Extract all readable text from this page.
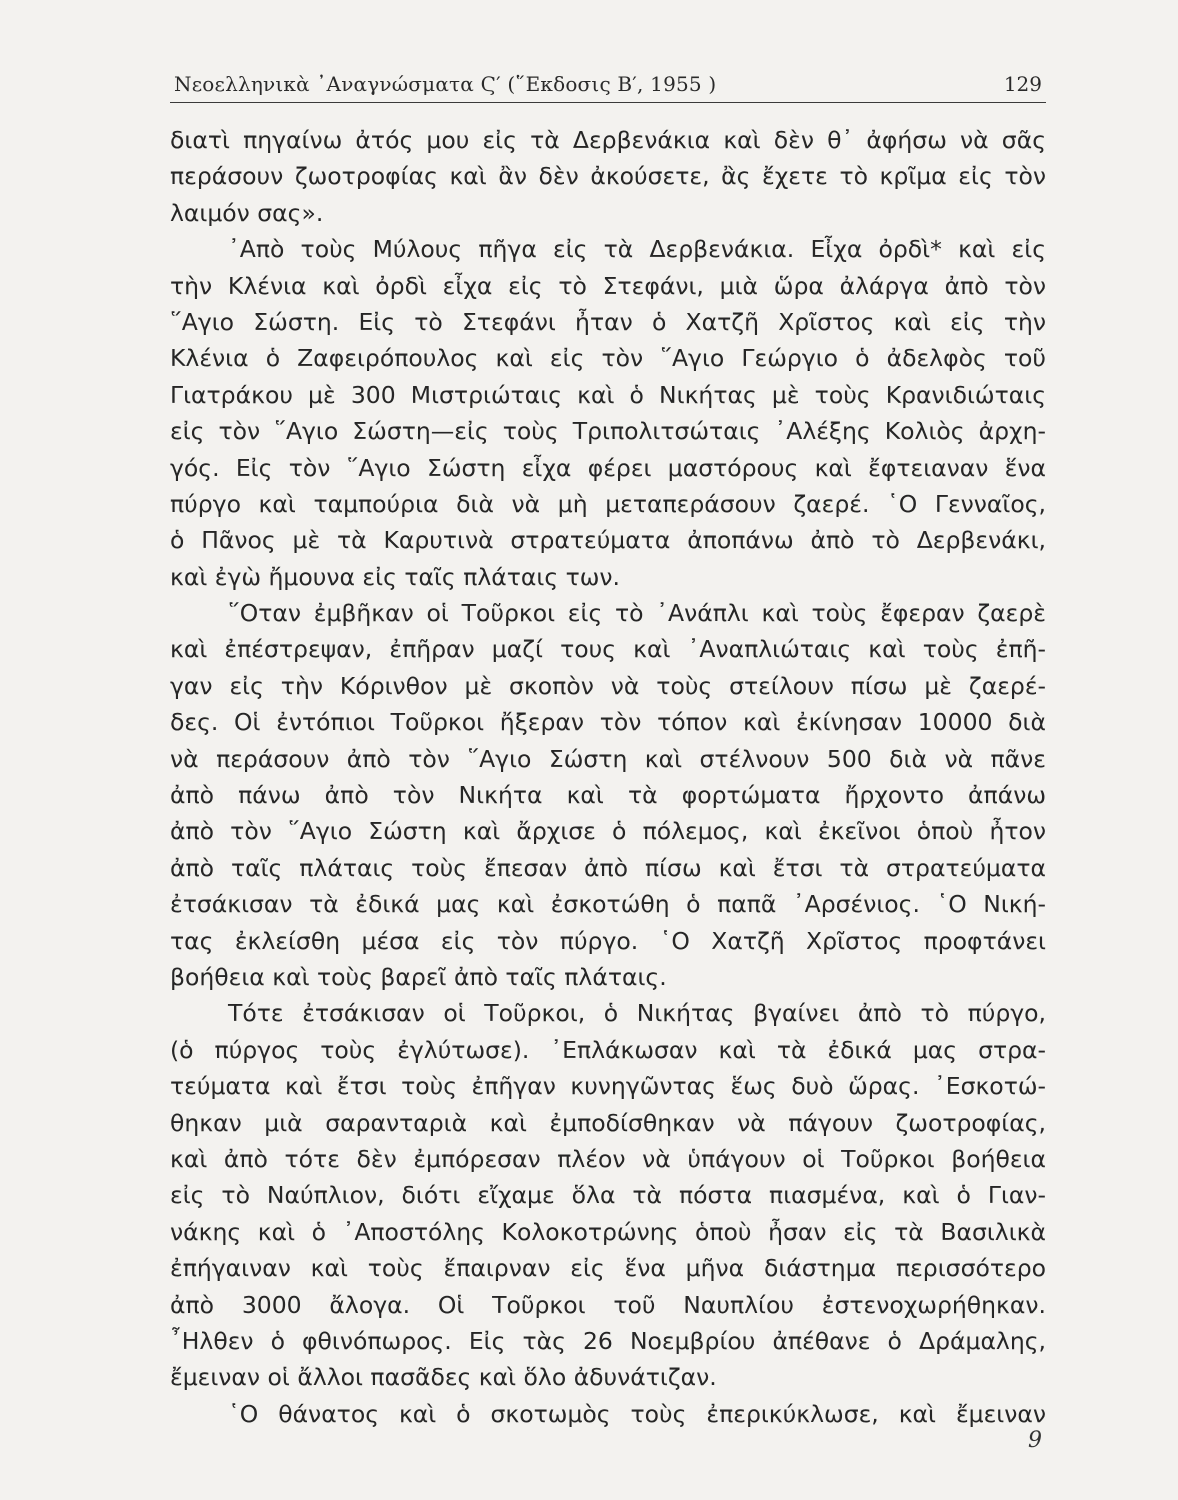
Νεοελληνικὰ ᾿Αναγνώσματα Ϛ′ (῞Εκδοσις Β′, 1955 )	129
διατὶ πηγαίνω ἀτός μου εἰς τὰ Δερβενάκια καὶ δὲν θ᾿ ἀφήσω νὰ σᾶς
περάσουν ζωοτροφίας καὶ ἂν δὲν ἀκούσετε, ἂς ἔχετε τὸ κρῖμα εἰς τὸν
λαιμόν σας».
᾿Απὸ τοὺς Μύλους πῆγα εἰς τὰ Δερβενάκια. Εἶχα ὀρδὶ* καὶ εἰς
τὴν Κλένια καὶ ὀρδὶ εἶχα εἰς τὸ Στεφάνι, μιὰ ὥρα ἀλάργα ἀπὸ τὸν
῞Αγιο Σώστη. Εἰς τὸ Στεφάνι ἦταν ὁ Χατζῆ Χρῖστος καὶ εἰς τὴν
Κλένια ὁ Ζαφειρόπουλος καὶ εἰς τὸν ῞Αγιο Γεώργιο ὁ ἀδελφὸς τοῦ
Γιατράκου μὲ 300 Μιστριώταις καὶ ὁ Νικήτας μὲ τοὺς Κρανιδιώταις
εἰς τὸν ῞Αγιο Σώστη—εἰς τοὺς Τριπολιτσώταις ᾿Αλέξης Κολιὸς ἀρχη-
γός. Εἰς τὸν ῞Αγιο Σώστη εἶχα φέρει μαστόρους καὶ ἔφτειαναν ἕνα
πύργο καὶ ταμπούρια διὰ νὰ μὴ μεταπεράσουν ζαερέ. ῾Ο Γενναῖος,
ὁ Πᾶνος μὲ τὰ Καρυτινὰ στρατεύματα ἀποπάνω ἀπὸ τὸ Δερβενάκι,
καὶ ἐγὼ ἤμουνα εἰς ταῖς πλάταις των.
῞Οταν ἐμβῆκαν οἱ Τοῦρκοι εἰς τὸ ᾿Ανάπλι καὶ τοὺς ἔφεραν ζαερὲ
καὶ ἐπέστρεψαν, ἐπῆραν μαζί τους καὶ ᾿Αναπλιώταις καὶ τοὺς ἐπῆ-
γαν εἰς τὴν Κόρινθον μὲ σκοπὸν νὰ τοὺς στείλουν πίσω μὲ ζαερέ-
δες. Οἱ ἐντόπιοι Τοῦρκοι ἤξεραν τὸν τόπον καὶ ἐκίνησαν 10000 διὰ
νὰ περάσουν ἀπὸ τὸν ῞Αγιο Σώστη καὶ στέλνουν 500 διὰ νὰ πᾶνε
ἀπὸ πάνω ἀπὸ τὸν Νικήτα καὶ τὰ φορτώματα ἤρχοντο ἀπάνω
ἀπὸ τὸν ῞Αγιο Σώστη καὶ ἄρχισε ὁ πόλεμος, καὶ ἐκεῖνοι ὁποὺ ἦτον
ἀπὸ ταῖς πλάταις τοὺς ἔπεσαν ἀπὸ πίσω καὶ ἔτσι τὰ στρατεύματα
ἐτσάκισαν τὰ ἐδικά μας καὶ ἐσκοτώθη ὁ παπᾶ ᾿Αρσένιος. ῾Ο Νική-
τας ἐκλείσθη μέσα εἰς τὸν πύργο. ῾Ο Χατζῆ Χρῖστος προφτάνει
βοήθεια καὶ τοὺς βαρεῖ ἀπὸ ταῖς πλάταις.
Τότε ἐτσάκισαν οἱ Τοῦρκοι, ὁ Νικήτας βγαίνει ἀπὸ τὸ πύργο,
(ὁ πύργος τοὺς ἐγλύτωσε). ᾿Επλάκωσαν καὶ τὰ ἐδικά μας στρα-
τεύματα καὶ ἔτσι τοὺς ἐπῆγαν κυνηγῶντας ἕως δυὸ ὥρας. ᾿Εσκοτώ-
θηκαν μιὰ σαρανταριὰ καὶ ἐμποδίσθηκαν νὰ πάγουν ζωοτροφίας,
καὶ ἀπὸ τότε δὲν ἐμπόρεσαν πλέον νὰ ὑπάγουν οἱ Τοῦρκοι βοήθεια
εἰς τὸ Ναύπλιον, διότι εἴχαμε ὅλα τὰ πόστα πιασμένα, καὶ ὁ Γιαν-
νάκης καὶ ὁ ᾿Αποστόλης Κολοκοτρώνης ὁποὺ ἦσαν εἰς τὰ Βασιλικὰ
ἐπήγαιναν καὶ τοὺς ἔπαιρναν εἰς ἕνα μῆνα διάστημα περισσότερο
ἀπὸ 3000 ἄλογα. Οἱ Τοῦρκοι τοῦ Ναυπλίου ἐστενοχωρήθηκαν.
῏Ηλθεν ὁ φθινόπωρος. Εἰς τὰς 26 Νοεμβρίου ἀπέθανε ὁ Δράμαλης,
ἔμειναν οἱ ἄλλοι πασᾶδες καὶ ὅλο ἀδυνάτιζαν.
῾Ο θάνατος καὶ ὁ σκοτωμὸς τοὺς ἐπερικύκλωσε, καὶ ἔμειναν
9
